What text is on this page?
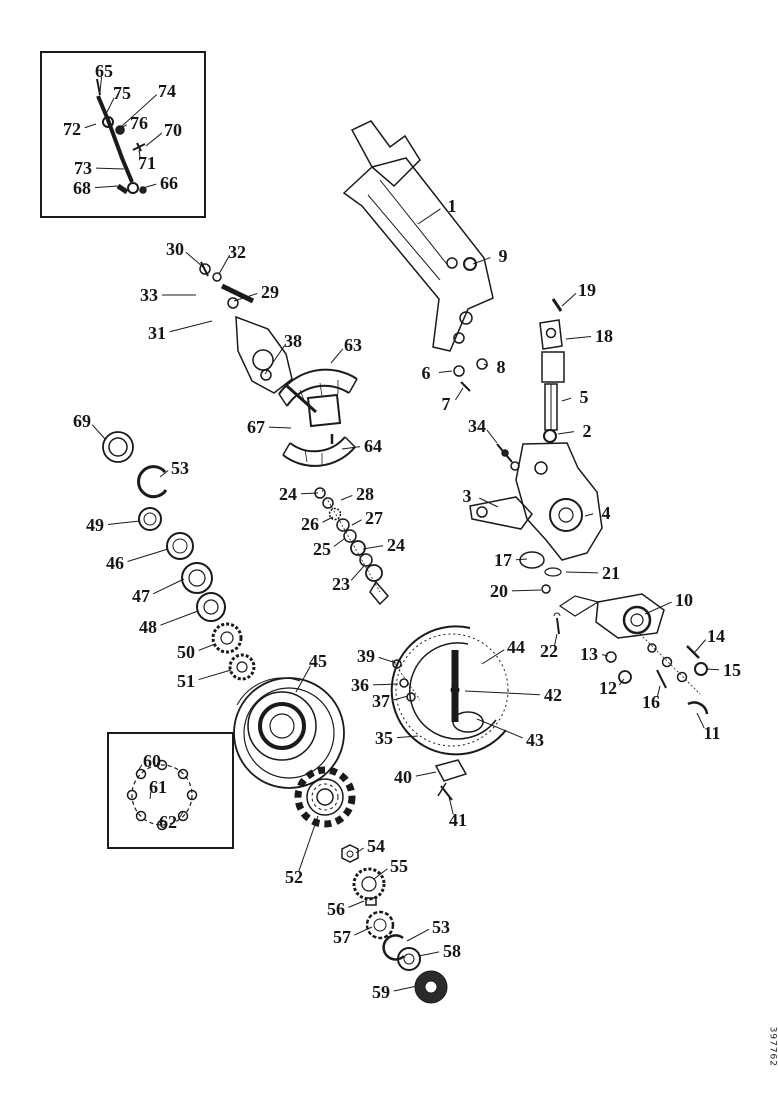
65
75 74
72	76 70
71
73
68	66
1
9
19
18
8
6
7	5
34	2
3
4
17
21
20
30 32
33	29
31	38 63
67
64
24	28
26	27
25	24
23
69
53
49
46
47
48
50
51
45 39
36
37
35
44
42
43
22 13
10
14
15
12
16
11
40
41
52
54
55
56
57	53
58
59
60
61
62
397762
